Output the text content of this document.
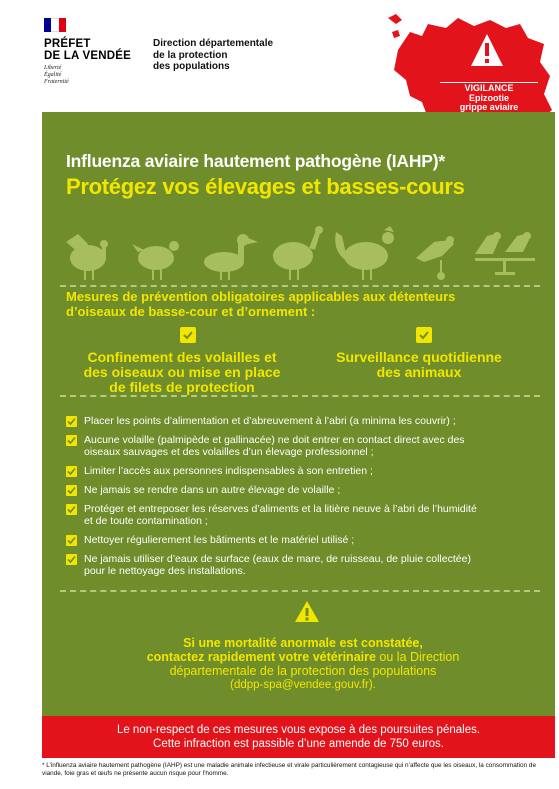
PRÉFET
DE LA VENDÉE
Liberté
Égalité
Fraternité
Direction départementale
de la protection
des populations
VIGILANCE
Epizootie
grippe aviaire
Influenza aviaire hautement pathogène (IAHP)*
Protégez vos élevages et basses-cours
Mesures de prévention obligatoires applicables aux détenteurs
d’oiseaux de basse-cour et d’ornement :
Confinement des volailles et
des oiseaux ou mise en place
de filets de protection
Surveillance quotidienne
des animaux
Placer les points d’alimentation et d’abreuvement à l’abri (a minima les couvrir) ;
Aucune volaille (palmipède et gallinacée) ne doit entrer en contact direct avec des
oiseaux sauvages et des volailles d’un élevage professionnel ;
Limiter l’accès aux personnes indispensables à son entretien ;
Ne jamais se rendre dans un autre élevage de volaille ;
Protéger et entreposer les réserves d’aliments et la litière neuve à l’abri de l’humidité
et de toute contamination ;
Nettoyer régulierement les bâtiments et le matériel utilisé ;
Ne jamais utiliser d’eaux de surface (eaux de mare, de ruisseau, de pluie collectée)
pour le nettoyage des installations.
Si une mortalité anormale est constatée,
contactez rapidement votre vétérinaire ou la Direction
départementale de la protection des populations
(ddpp-spa@vendee.gouv.fr).
Le non-respect de ces mesures vous expose à des poursuites pénales.
Cette infraction est passible d’une amende de 750 euros.
* L’influenza aviaire hautement pathogène (IAHP) est une maladie animale infectieuse et virale particulièrement contagieuse qui n’affecte que les oiseaux, la consommation de viande, foie gras et œufs ne présente aucun risque pour l’homme.
